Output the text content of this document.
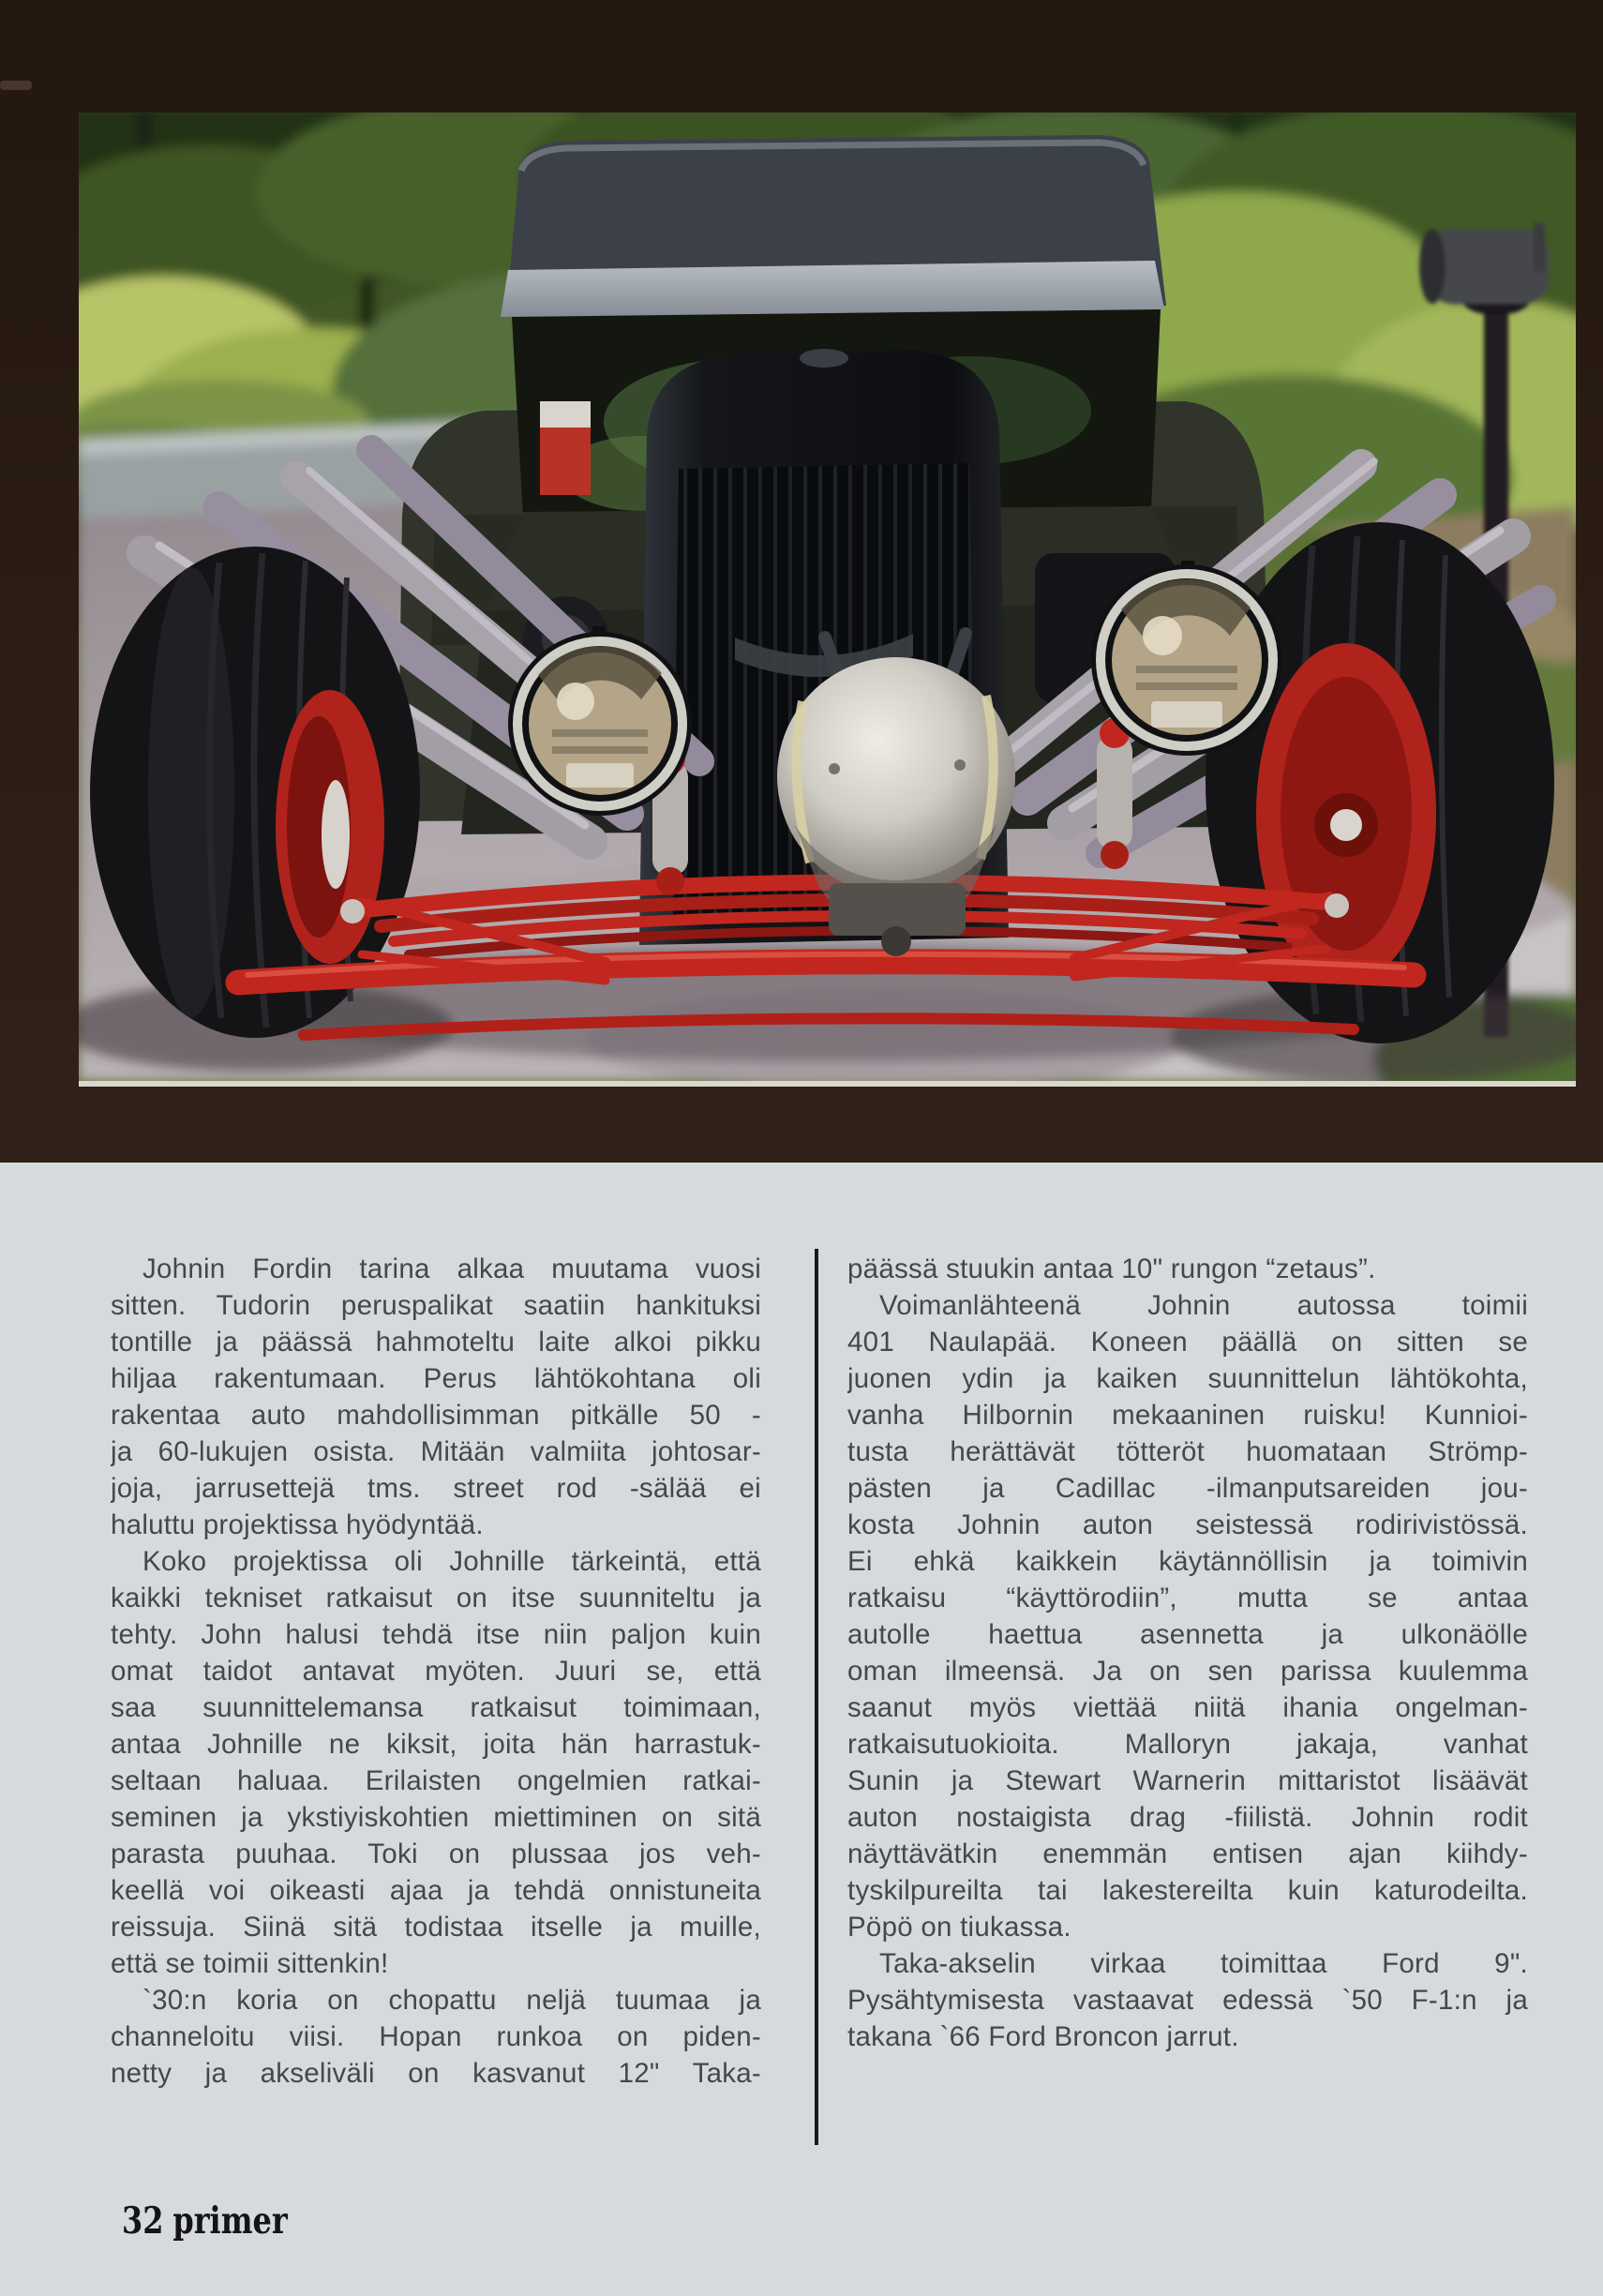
Johnin Fordin tarina alkaa muutama vuosi
sitten. Tudorin peruspalikat saatiin hankituksi
tontille ja päässä hahmoteltu laite alkoi pikku
hiljaa rakentumaan. Perus lähtökohtana oli
rakentaa auto mahdollisimman pitkälle 50 -
ja 60-lukujen osista. Mitään valmiita johtosar-
joja, jarrusettejä tms. street rod -sälää ei
haluttu projektissa hyödyntää.
Koko projektissa oli Johnille tärkeintä, että
kaikki tekniset ratkaisut on itse suunniteltu ja
tehty. John halusi tehdä itse niin paljon kuin
omat taidot antavat myöten. Juuri se, että
saa suunnittelemansa ratkaisut toimimaan,
antaa Johnille ne kiksit, joita hän harrastuk-
seltaan haluaa. Erilaisten ongelmien ratkai-
seminen ja ykstiyiskohtien miettiminen on sitä
parasta puuhaa. Toki on plussaa jos veh-
keellä voi oikeasti ajaa ja tehdä onnistuneita
reissuja. Siinä sitä todistaa itselle ja muille,
että se toimii sittenkin!
`30:n koria on chopattu neljä tuumaa ja
channeloitu viisi. Hopan runkoa on piden-
netty ja akseliväli on kasvanut 12" Taka-
päässä stuukin antaa 10" rungon “zetaus”.
Voimanlähteenä Johnin autossa toimii
401 Naulapää. Koneen päällä on sitten se
juonen ydin ja kaiken suunnittelun lähtökohta,
vanha Hilbornin mekaaninen ruisku! Kunnioi-
tusta herättävät tötteröt huomataan Strömp-
pästen ja Cadillac -ilmanputsareiden jou-
kosta Johnin auton seistessä rodirivistössä.
Ei ehkä kaikkein käytännöllisin ja toimivin
ratkaisu “käyttörodiin”, mutta se antaa
autolle haettua asennetta ja ulkonäölle
oman ilmeensä. Ja on sen parissa kuulemma
saanut myös viettää niitä ihania ongelman-
ratkaisutuokioita. Malloryn jakaja, vanhat
Sunin ja Stewart Warnerin mittaristot lisäävät
auton nostaigista drag -fiilistä. Johnin rodit
näyttävätkin enemmän entisen ajan kiihdy-
tyskilpureilta tai lakestereilta kuin katurodeilta.
Pöpö on tiukassa.
Taka-akselin virkaa toimittaa Ford 9".
Pysähtymisesta vastaavat edessä `50 F-1:n ja
takana `66 Ford Broncon jarrut.
32 primer
